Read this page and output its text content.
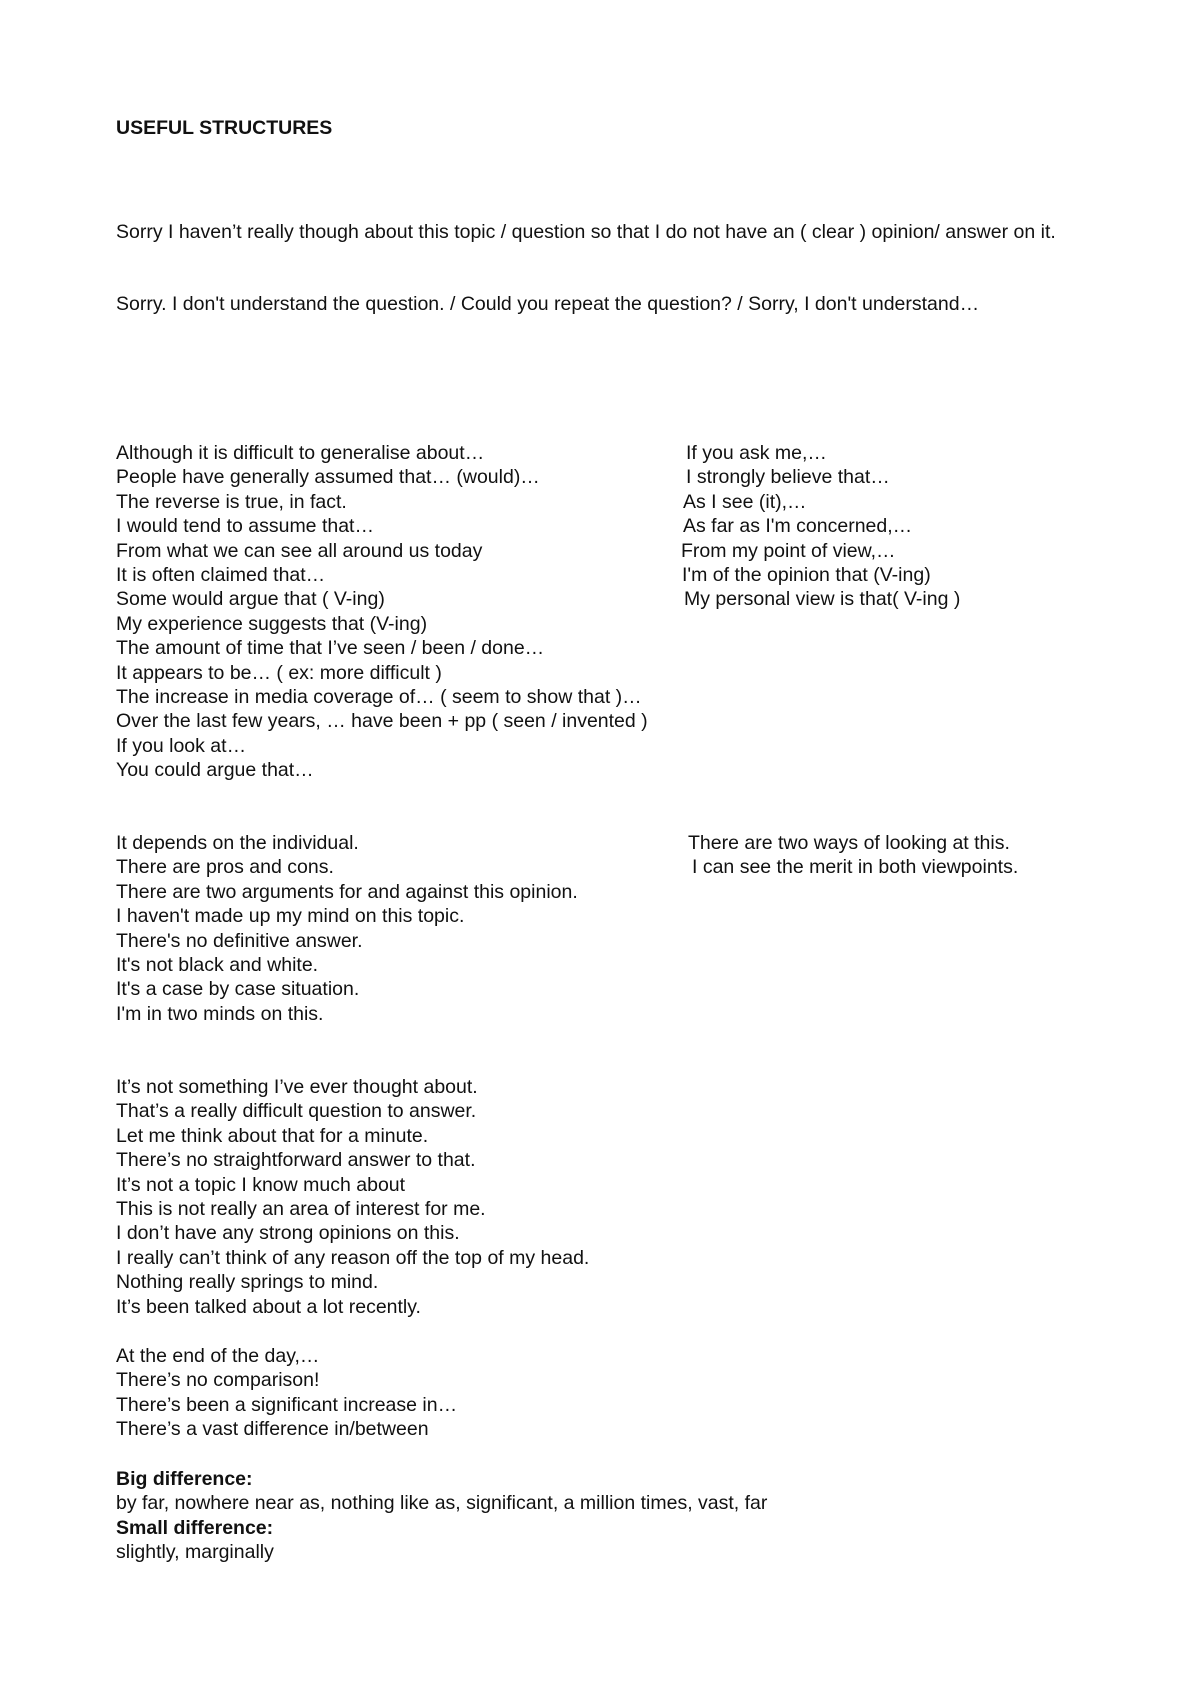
USEFUL STRUCTURES

Sorry I haven’t really though about this topic / question so that I do not have an ( clear ) opinion/ answer on it.

Sorry. I don't understand the question. / Could you repeat the question? / Sorry, I don't understand…

Although it is difficult to generalise about…
People have generally assumed that… (would)…
The reverse is true, in fact.
I would tend to assume that…
From what we can see all around us today
It is often claimed that…
Some would argue that ( V-ing)
My experience suggests that (V-ing)
The amount of time that I’ve seen / been / done…
It appears to be… ( ex: more difficult )
The increase in media coverage of… ( seem to show that )…
Over the last few years, … have been + pp ( seen / invented )
If you look at…
You could argue that…
If you ask me,…
I strongly believe that…
As I see (it),…
As far as I'm concerned,…
From my point of view,…
I'm of the opinion that (V-ing)
My personal view is that( V-ing )
It depends on the individual.
There are pros and cons.
There are two arguments for and against this opinion.
I haven't made up my mind on this topic.
There's no definitive answer.
It's not black and white.
It's a case by case situation.
I'm in two minds on this.
There are two ways of looking at this.
I can see the merit in both viewpoints.
It’s not something I’ve ever thought about.
That’s a really difficult question to answer.
Let me think about that for a minute.
There’s no straightforward answer to that.
It’s not a topic I know much about
This is not really an area of interest for me.
I don’t have any strong opinions on this.
I really can’t think of any reason off the top of my head.
Nothing really springs to mind.
It’s been talked about a lot recently.
At the end of the day,…
There’s no comparison!
There’s been a significant increase in…
There’s a vast difference in/between
Big difference:
by far, nowhere near as, nothing like as, significant, a million times, vast, far
Small difference:
slightly, marginally
